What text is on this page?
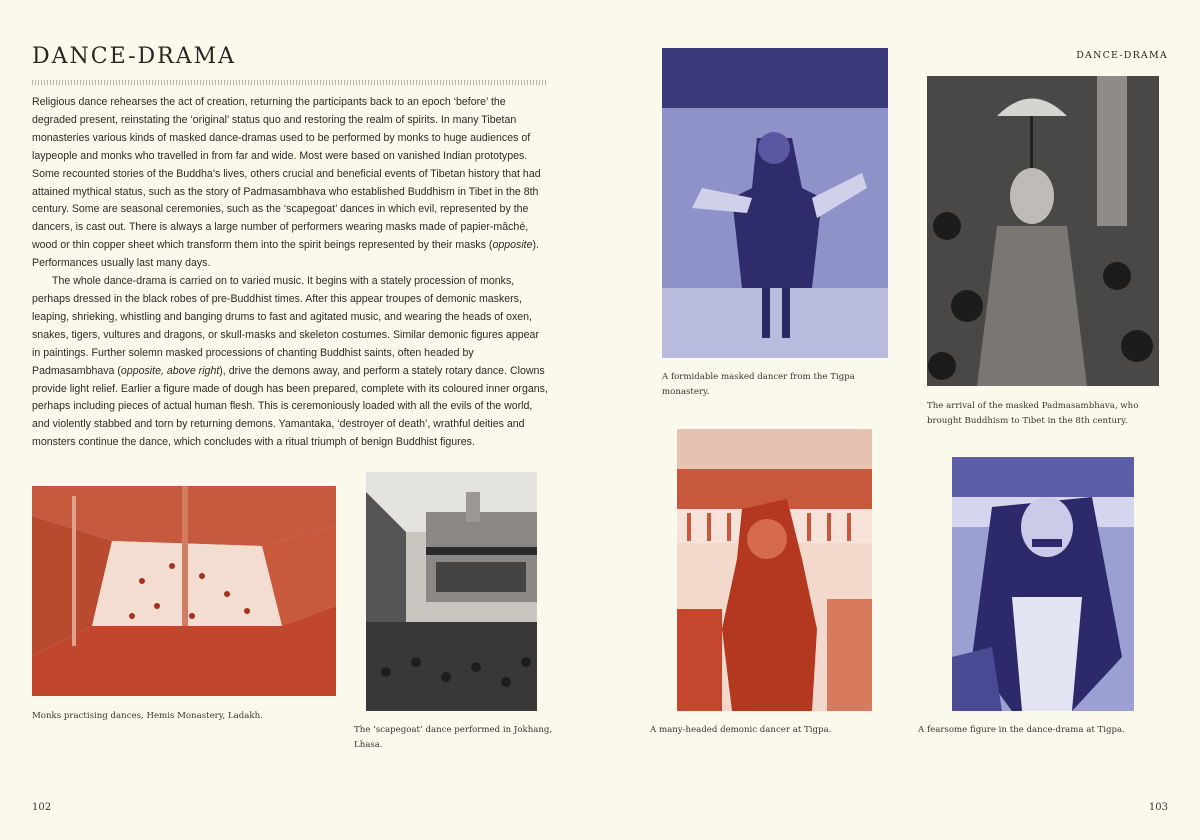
DANCE-DRAMA

Religious dance rehearses the act of creation, returning the participants back to an epoch ‘before’ the degraded present, reinstating the ‘original’ status quo and restoring the realm of spirits. In many Tibetan monasteries various kinds of masked dance-dramas used to be performed by monks to huge audiences of laypeople and monks who travelled in from far and wide. Most were based on vanished Indian prototypes. Some recounted stories of the Buddha’s lives, others crucial and beneficial events of Tibetan history that had attained mythical status, such as the story of Padmasambhava who established Buddhism in Tibet in the 8th century. Some are seasonal ceremonies, such as the ‘scapegoat’ dances in which evil, represented by the dancers, is cast out. There is always a large number of performers wearing masks made of papier-mâché, wood or thin copper sheet which transform them into the spirit beings represented by their masks (opposite). Performances usually last many days.

The whole dance-drama is carried on to varied music. It begins with a stately procession of monks, perhaps dressed in the black robes of pre-Buddhist times. After this appear troupes of demonic maskers, leaping, shrieking, whistling and banging drums to fast and agitated music, and wearing the heads of oxen, snakes, tigers, vultures and dragons, or skull-masks and skeleton costumes. Similar demonic figures appear in paintings. Further solemn masked processions of chanting Buddhist saints, often headed by Padmasambhava (opposite, above right), drive the demons away, and perform a stately rotary dance. Clowns provide light relief. Earlier a figure made of dough has been prepared, complete with its coloured inner organs, perhaps including pieces of actual human flesh. This is ceremoniously loaded with all the evils of the world, and violently stabbed and torn by returning demons. Yamantaka, ‘destroyer of death’, wrathful deities and monsters continue the dance, which concludes with a ritual triumph of benign Buddhist figures.

Monks practising dances, Hemis Monastery, Ladakh.
The ‘scapegoat’ dance performed in Jokhang, Lhasa.
102
DANCE-DRAMA
A formidable masked dancer from the Tigpa monastery.
The arrival of the masked Padmasambhava, who brought Buddhism to Tibet in the 8th century.
A many-headed demonic dancer at Tigpa.	A fearsome figure in the dance-drama at Tigpa.
103
